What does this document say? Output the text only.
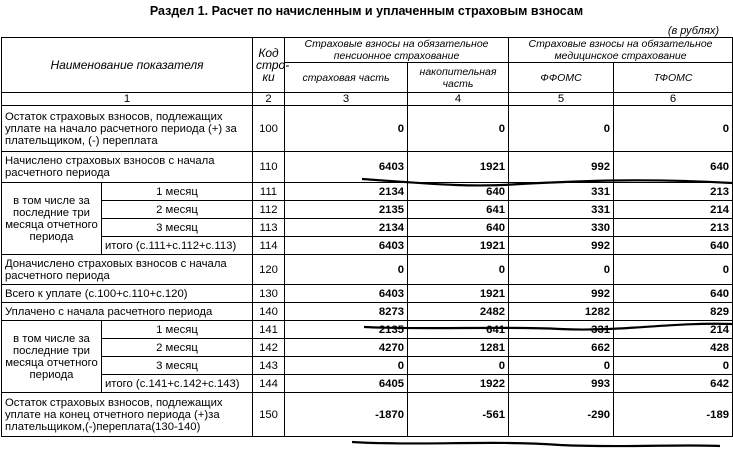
Раздел 1. Расчет по начисленным и уплаченным страховым взносам
(в рублях)
Наименование показателя		Код стро-ки	Страховые взносы на обязательное пенсионное страхование		Страховые взносы на обязательное медицинское страхование	
			страховая часть	накопительная часть	ФФОМС	ТФОМС
1		2	3	4	5	6
Остаток страховых взносов, подлежащих уплате на начало расчетного периода (+) за плательщиком, (-) переплата		100	0	0	0	0
Начислено страховых взносов с начала расчетного периода		110	6403	1921	992	640
в том числе за последние три месяца отчетного периода	1 месяц	111	2134	640	331	213
	2 месяц	112	2135	641	331	214
	3 месяц	113	2134	640	330	213
	итого (с.111+с.112+с.113)	114	6403	1921	992	640
Доначислено страховых взносов с начала расчетного периода		120	0	0	0	0
Всего к уплате (с.100+с.110+с.120)		130	6403	1921	992	640
Уплачено с начала расчетного периода		140	8273	2482	1282	829
в том числе за последние три месяца отчетного периода	1 месяц	141	2135	641	331	214
	2 месяц	142	4270	1281	662	428
	3 месяц	143	0	0	0	0
	итого (с.141+с.142+с.143)	144	6405	1922	993	642
Остаток страховых взносов, подлежащих уплате на конец отчетного периода (+)за плательщиком,(-)переплата(130-140)		150	-1870	-561	-290	-189
